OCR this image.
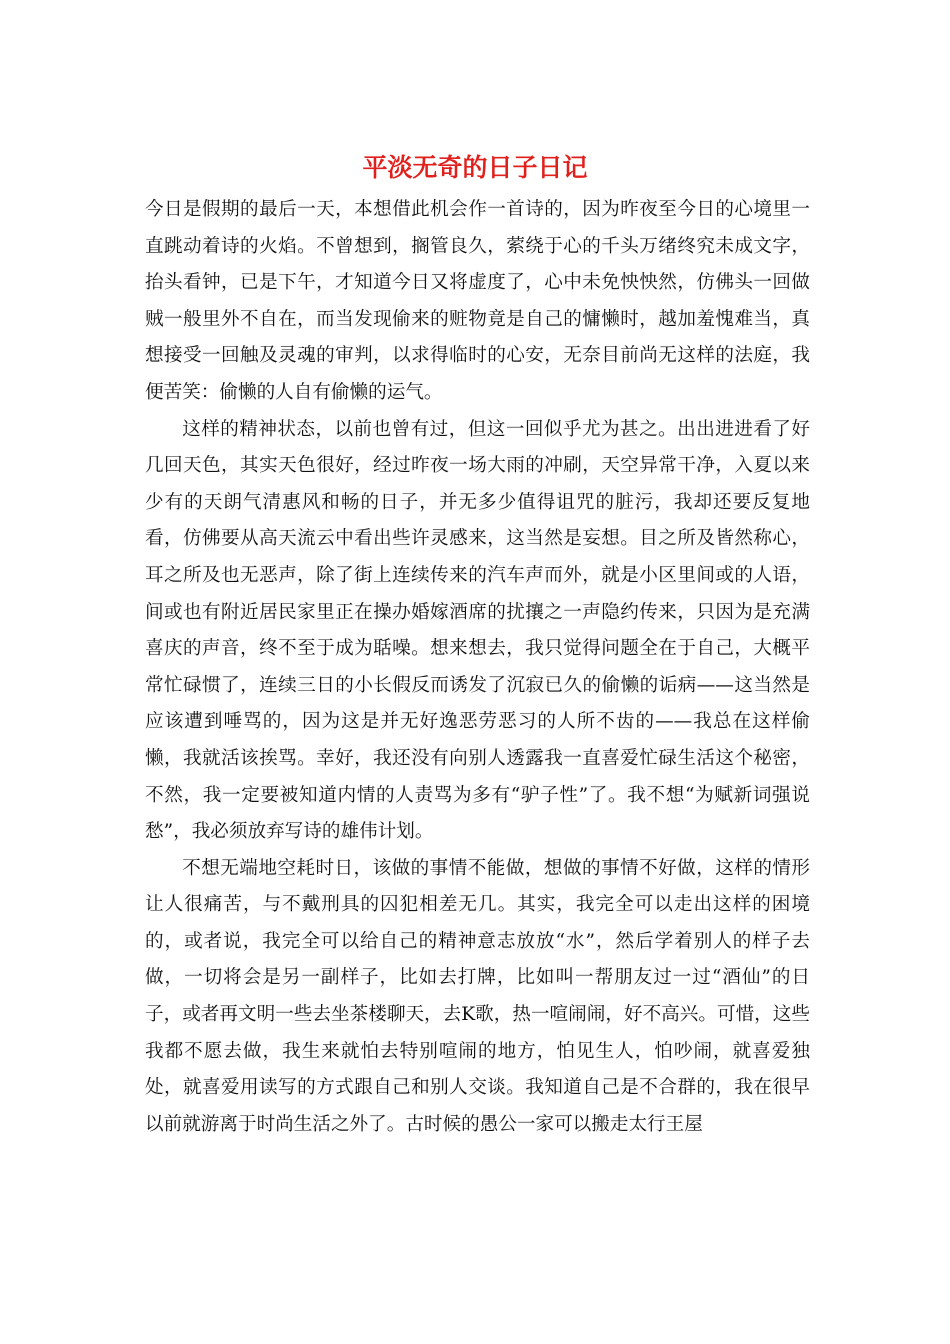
平淡无奇的日子日记

今日是假期的最后一天，本想借此机会作一首诗的，因为昨夜至今日的心境里一直跳动着诗的火焰。不曾想到，搁管良久，萦绕于心的千头万绪终究未成文字，抬头看钟，已是下午，才知道今日又将虚度了，心中未免怏怏然，仿佛头一回做贼一般里外不自在，而当发现偷来的赃物竟是自己的慵懒时，越加羞愧难当，真想接受一回触及灵魂的审判，以求得临时的心安，无奈目前尚无这样的法庭，我便苦笑：偷懒的人自有偷懒的运气。

这样的精神状态，以前也曾有过，但这一回似乎尤为甚之。出出进进看了好几回天色，其实天色很好，经过昨夜一场大雨的冲刷，天空异常干净，入夏以来少有的天朗气清惠风和畅的日子，并无多少值得诅咒的脏污，我却还要反复地看，仿佛要从高天流云中看出些许灵感来，这当然是妄想。目之所及皆然称心，耳之所及也无恶声，除了街上连续传来的汽车声而外，就是小区里间或的人语，间或也有附近居民家里正在操办婚嫁酒席的扰攘之一声隐约传来，只因为是充满喜庆的声音，终不至于成为聒噪。想来想去，我只觉得问题全在于自己，大概平常忙碌惯了，连续三日的小长假反而诱发了沉寂已久的偷懒的诟病——这当然是应该遭到唾骂的，因为这是并无好逸恶劳恶习的人所不齿的——我总在这样偷懒，我就活该挨骂。幸好，我还没有向别人透露我一直喜爱忙碌生活这个秘密，不然，我一定要被知道内情的人责骂为多有“驴子性”了。我不想“为赋新词强说愁”，我必须放弃写诗的雄伟计划。

不想无端地空耗时日，该做的事情不能做，想做的事情不好做，这样的情形让人很痛苦，与不戴刑具的囚犯相差无几。其实，我完全可以走出这样的困境的，或者说，我完全可以给自己的精神意志放放“水”，然后学着别人的样子去做，一切将会是另一副样子，比如去打牌，比如叫一帮朋友过一过“酒仙”的日子，或者再文明一些去坐茶楼聊天，去K歌，热一喧闹闹，好不高兴。可惜，这些我都不愿去做，我生来就怕去特别喧闹的地方，怕见生人，怕吵闹，就喜爱独处，就喜爱用读写的方式跟自己和别人交谈。我知道自己是不合群的，我在很早以前就游离于时尚生活之外了。古时候的愚公一家可以搬走太行王屋
